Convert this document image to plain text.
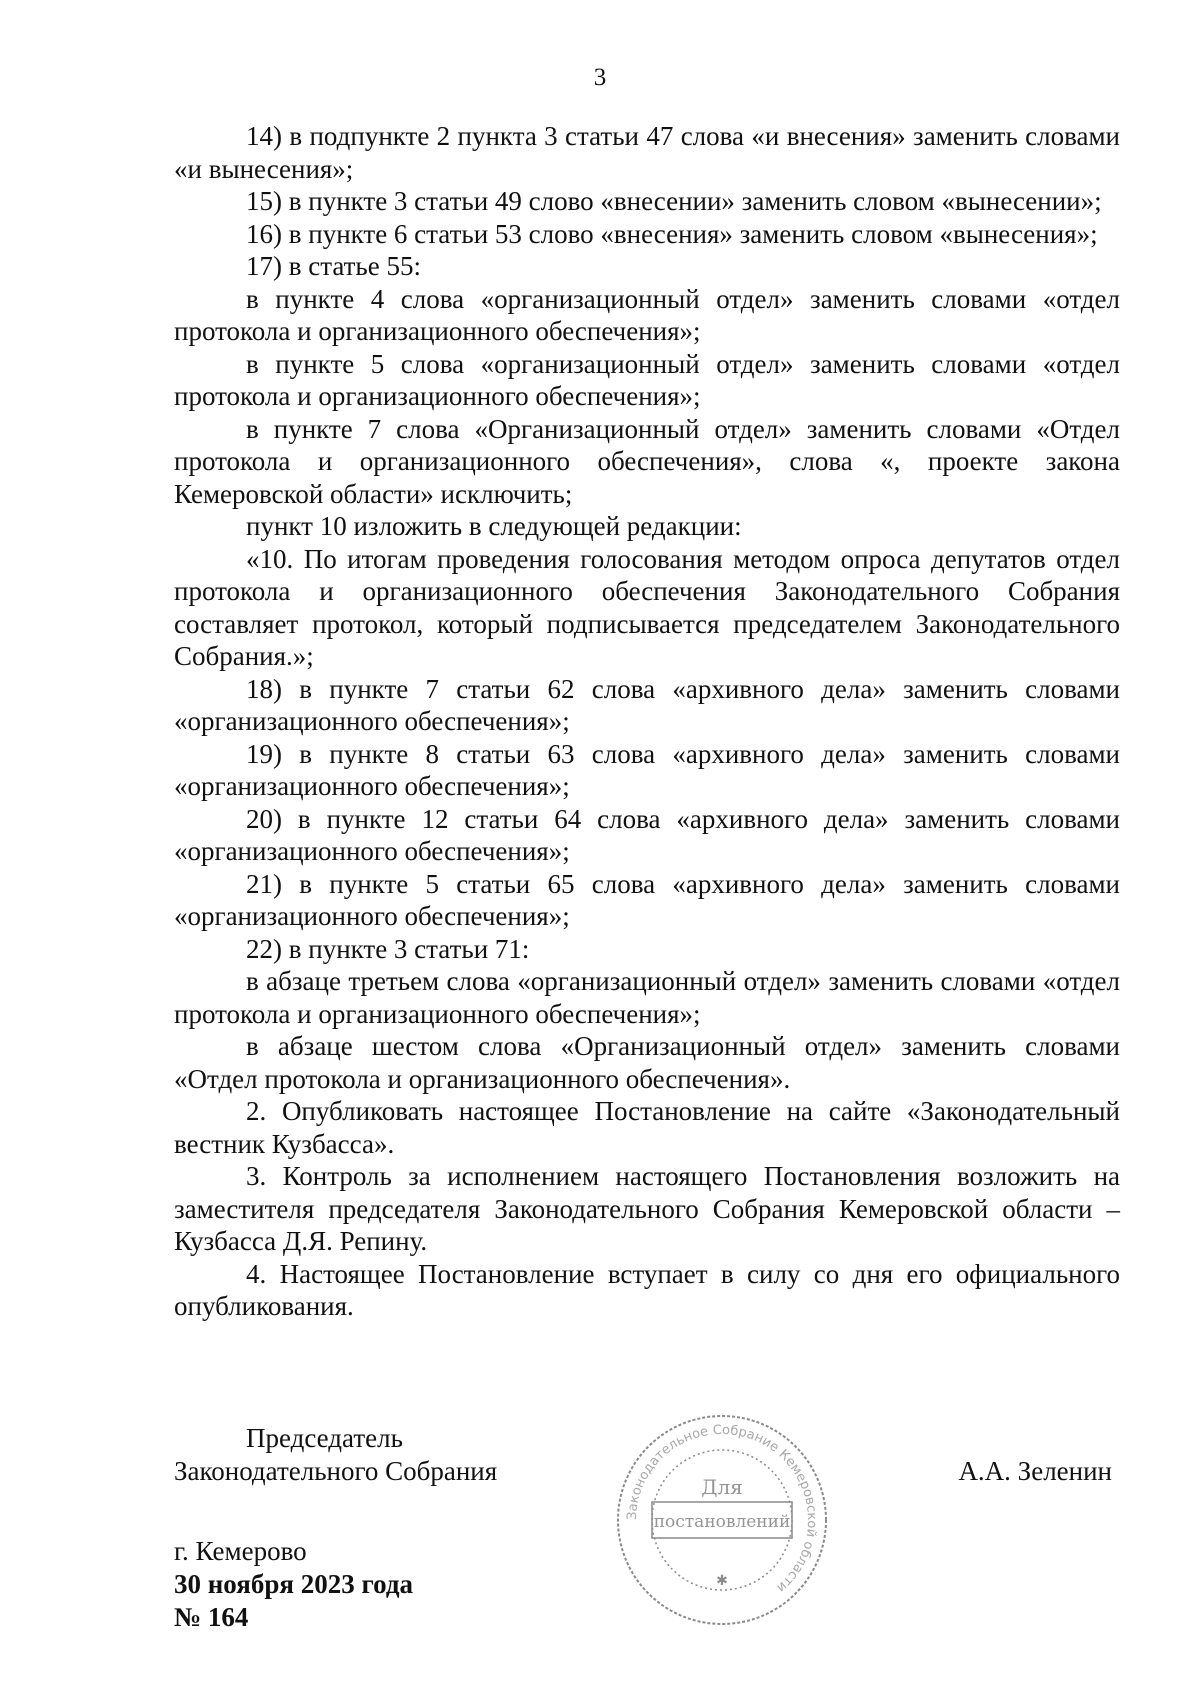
3

14) в подпункте 2 пункта 3 статьи 47 слова «и внесения» заменить словами «и вынесения»;

15) в пункте 3 статьи 49 слово «внесении» заменить словом «вынесении»;

16) в пункте 6 статьи 53 слово «внесения» заменить словом «вынесения»;

17) в статье 55:

в пункте 4 слова «организационный отдел» заменить словами «отдел протокола и организационного обеспечения»;

в пункте 5 слова «организационный отдел» заменить словами «отдел протокола и организационного обеспечения»;

в пункте 7 слова «Организационный отдел» заменить словами «Отдел протокола и организационного обеспечения», слова «, проекте закона Кемеровской области» исключить;

пункт 10 изложить в следующей редакции:

«10. По итогам проведения голосования методом опроса депутатов отдел протокола и организационного обеспечения Законодательного Собрания составляет протокол, который подписывается председателем Законодательного Собрания.»;

18) в пункте 7 статьи 62 слова «архивного дела» заменить словами «организационного обеспечения»;

19) в пункте 8 статьи 63 слова «архивного дела» заменить словами «организационного обеспечения»;

20) в пункте 12 статьи 64 слова «архивного дела» заменить словами «организационного обеспечения»;

21) в пункте 5 статьи 65 слова «архивного дела» заменить словами «организационного обеспечения»;

22) в пункте 3 статьи 71:

в абзаце третьем слова «организационный отдел» заменить словами «отдел протокола и организационного обеспечения»;

в абзаце шестом слова «Организационный отдел» заменить словами «Отдел протокола и организационного обеспечения».

2. Опубликовать настоящее Постановление на сайте «Законодательный вестник Кузбасса».

3. Контроль за исполнением настоящего Постановления возложить на заместителя председателя Законодательного Собрания Кемеровской области – Кузбасса Д.Я. Репину.

4. Настоящее Постановление вступает в силу со дня его официального опубликования.

Председатель
Законодательного Собрания	А.А. Зеленин
Законодательное Собрание Кемеровской области
Для
постановлений
✱
г. Кемерово
30 ноября 2023 года
№ 164
